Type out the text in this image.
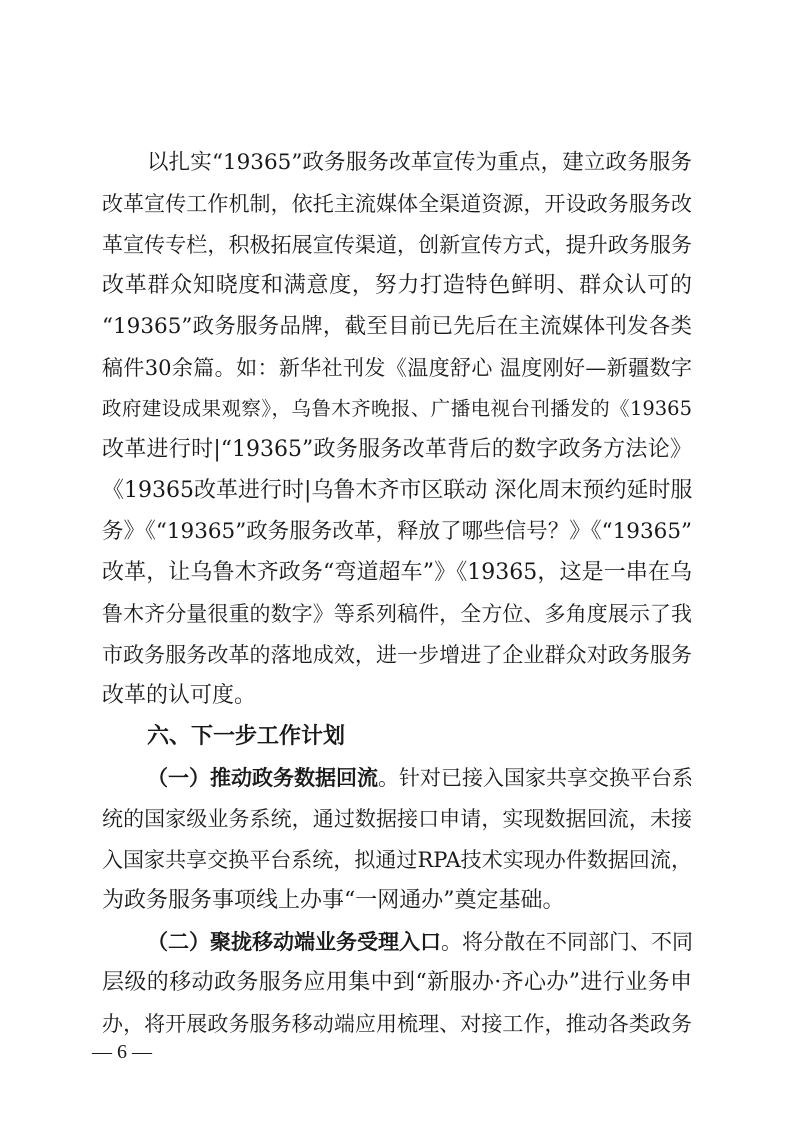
以扎实“19365”政务服务改革宣传为重点，建立政务服务
改革宣传工作机制，依托主流媒体全渠道资源，开设政务服务改
革宣传专栏，积极拓展宣传渠道，创新宣传方式，提升政务服务
改革群众知晓度和满意度，努力打造特色鲜明、群众认可的
“19365”政务服务品牌，截至目前已先后在主流媒体刊发各类
稿件30余篇。如：新华社刊发《温度舒心 温度刚好—新疆数字
政府建设成果观察》，乌鲁木齐晚报、广播电视台刊播发的《19365
改革进行时|“19365”政务服务改革背后的数字政务方法论》
《19365改革进行时|乌鲁木齐市区联动 深化周末预约延时服
务》《“19365”政务服务改革，释放了哪些信号？》《“19365”
改革，让乌鲁木齐政务“弯道超车”》《19365，这是一串在乌
鲁木齐分量很重的数字》等系列稿件，全方位、多角度展示了我
市政务服务改革的落地成效，进一步增进了企业群众对政务服务
改革的认可度。
六、下一步工作计划
（一）推动政务数据回流。针对已接入国家共享交换平台系
统的国家级业务系统，通过数据接口申请，实现数据回流，未接
入国家共享交换平台系统，拟通过RPA技术实现办件数据回流，
为政务服务事项线上办事“一网通办”奠定基础。
（二）聚拢移动端业务受理入口。将分散在不同部门、不同
层级的移动政务服务应用集中到“新服办·齐心办”进行业务申
办，将开展政务服务移动端应用梳理、对接工作，推动各类政务
— 6 —
